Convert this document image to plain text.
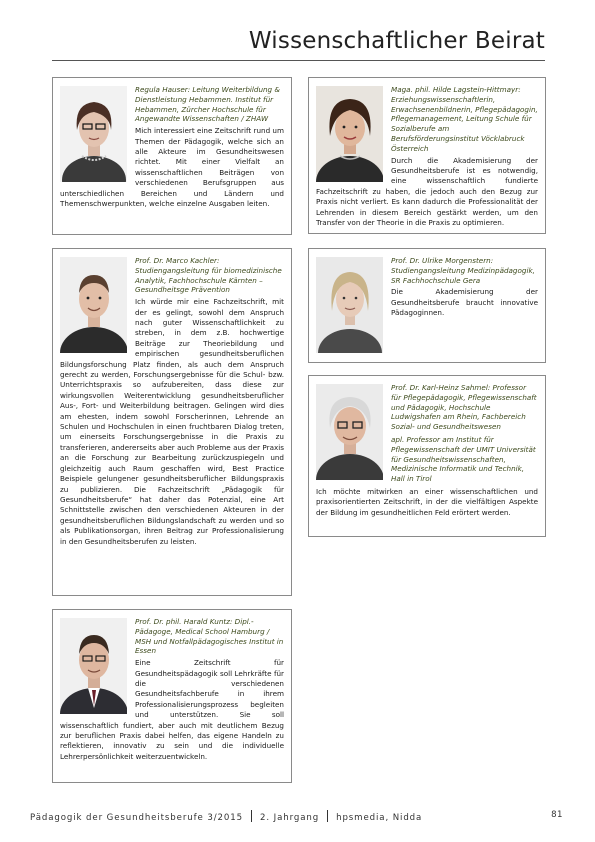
Wissenschaftlicher Beirat
Regula Hauser: Leitung Weiterbildung & Dienstleistung Hebammen. Institut für Hebammen, Zürcher Hochschule für Angewandte Wissenschaften / ZHAW
Mich interessiert eine Zeitschrift rund um Themen der Pädagogik, welche sich an alle Akteure im Gesundheitswesen richtet. Mit einer Vielfalt an wissenschaftlichen Beiträgen von verschiedenen Berufsgruppen aus unterschiedlichen Bereichen und Ländern und Themenschwerpunkten, welche einzelne Ausgaben leiten.
Maga. phil. Hilde Lagstein-Hittmayr: Erziehungswissenschaftlerin, Erwachsenenbildnerin, Pflegepädagogin, Pflegemanagement, Leitung Schule für Sozialberufe am Berufsförderungsinstitut Vöcklabruck Österreich
Durch die Akademisierung der Gesundheitsberufe ist es notwendig, eine wissenschaftlich fundierte Fachzeitschrift zu haben, die jedoch auch den Bezug zur Praxis nicht verliert. Es kann dadurch die Professionalität der Lehrenden in diesem Bereich gestärkt werden, um den Transfer von der Theorie in die Praxis zu optimieren.
Prof. Dr. Marco Kachler: Studiengangsleitung für biomedizinische Analytik, Fachhochschule Kärnten – Gesundheitsge Prävention
Ich würde mir eine Fachzeitschrift, mit der es gelingt, sowohl dem Anspruch nach guter Wissenschaftlichkeit zu streben, in dem z.B. hochwertige Beiträge zur Theoriebildung und empirischen gesundheitsberuflichen Bildungsforschung Platz finden, als auch dem Anspruch gerecht zu werden, Forschungsergebnisse für die Schul- bzw. Unterrichtspraxis so aufzubereiten, dass diese zur wirkungsvollen Weiterentwicklung gesundheitsberuflicher Aus-, Fort- und Weiterbildung beitragen. Gelingen wird dies am ehesten, indem sowohl Forscherinnen, Lehrende an Schulen und Hochschulen in einen fruchtbaren Dialog treten, um einerseits Forschungsergebnisse in die Praxis zu transferieren, andererseits aber auch Probleme aus der Praxis an die Forschung zur Bearbeitung zurückzuspiegeln und gleichzeitig auch Raum geschaffen wird, Best Practice Beispiele gelungener gesundheitsberuflicher Bildungspraxis zu publizieren. Die Fachzeitschrift „Pädagogik für Gesundheitsberufe“ hat daher das Potenzial, eine Art Schnittstelle zwischen den verschiedenen Akteuren in der gesundheitsberuflichen Bildungslandschaft zu werden und so als Publikationsorgan, ihren Beitrag zur Professionalisierung in den Gesundheitsberufen zu leisten.
Prof. Dr. Ulrike Morgenstern: Studiengangsleitung Medizinpädagogik, SR Fachhochschule Gera
Die Akademisierung der Gesundheitsberufe braucht innovative Pädagoginnen.
Prof. Dr. Karl-Heinz Sahmel: Professor für Pflegepädagogik, Pflegewissenschaft und Pädagogik, Hochschule Ludwigshafen am Rhein, Fachbereich Sozial- und Gesundheitswesen
apl. Professor am Institut für Pflegewissenschaft der UMIT Universität für Gesundheitswissenschaften, Medizinische Informatik und Technik, Hall in Tirol
Ich möchte mitwirken an einer wissenschaftlichen und praxisorientierten Zeitschrift, in der die vielfältigen Aspekte der Bildung im gesundheitlichen Feld erörtert werden.
Prof. Dr. phil. Harald Kuntz: Dipl.-Pädagoge, Medical School Hamburg / MSH und Notfallpädagogisches Institut in Essen
Eine Zeitschrift für Gesundheitspädagogik soll Lehrkräfte für die verschiedenen Gesundheitsfachberufe in ihrem Professionalisierungsprozess begleiten und unterstützen. Sie soll wissenschaftlich fundiert, aber auch mit deutlichem Bezug zur beruflichen Praxis dabei helfen, das eigene Handeln zu reflektieren, innovativ zu sein und die individuelle Lehrerpersönlichkeit weiterzuentwickeln.
Pädagogik der Gesundheitsberufe 3/2015 2. Jahrgang hpsmedia, Nidda	81
